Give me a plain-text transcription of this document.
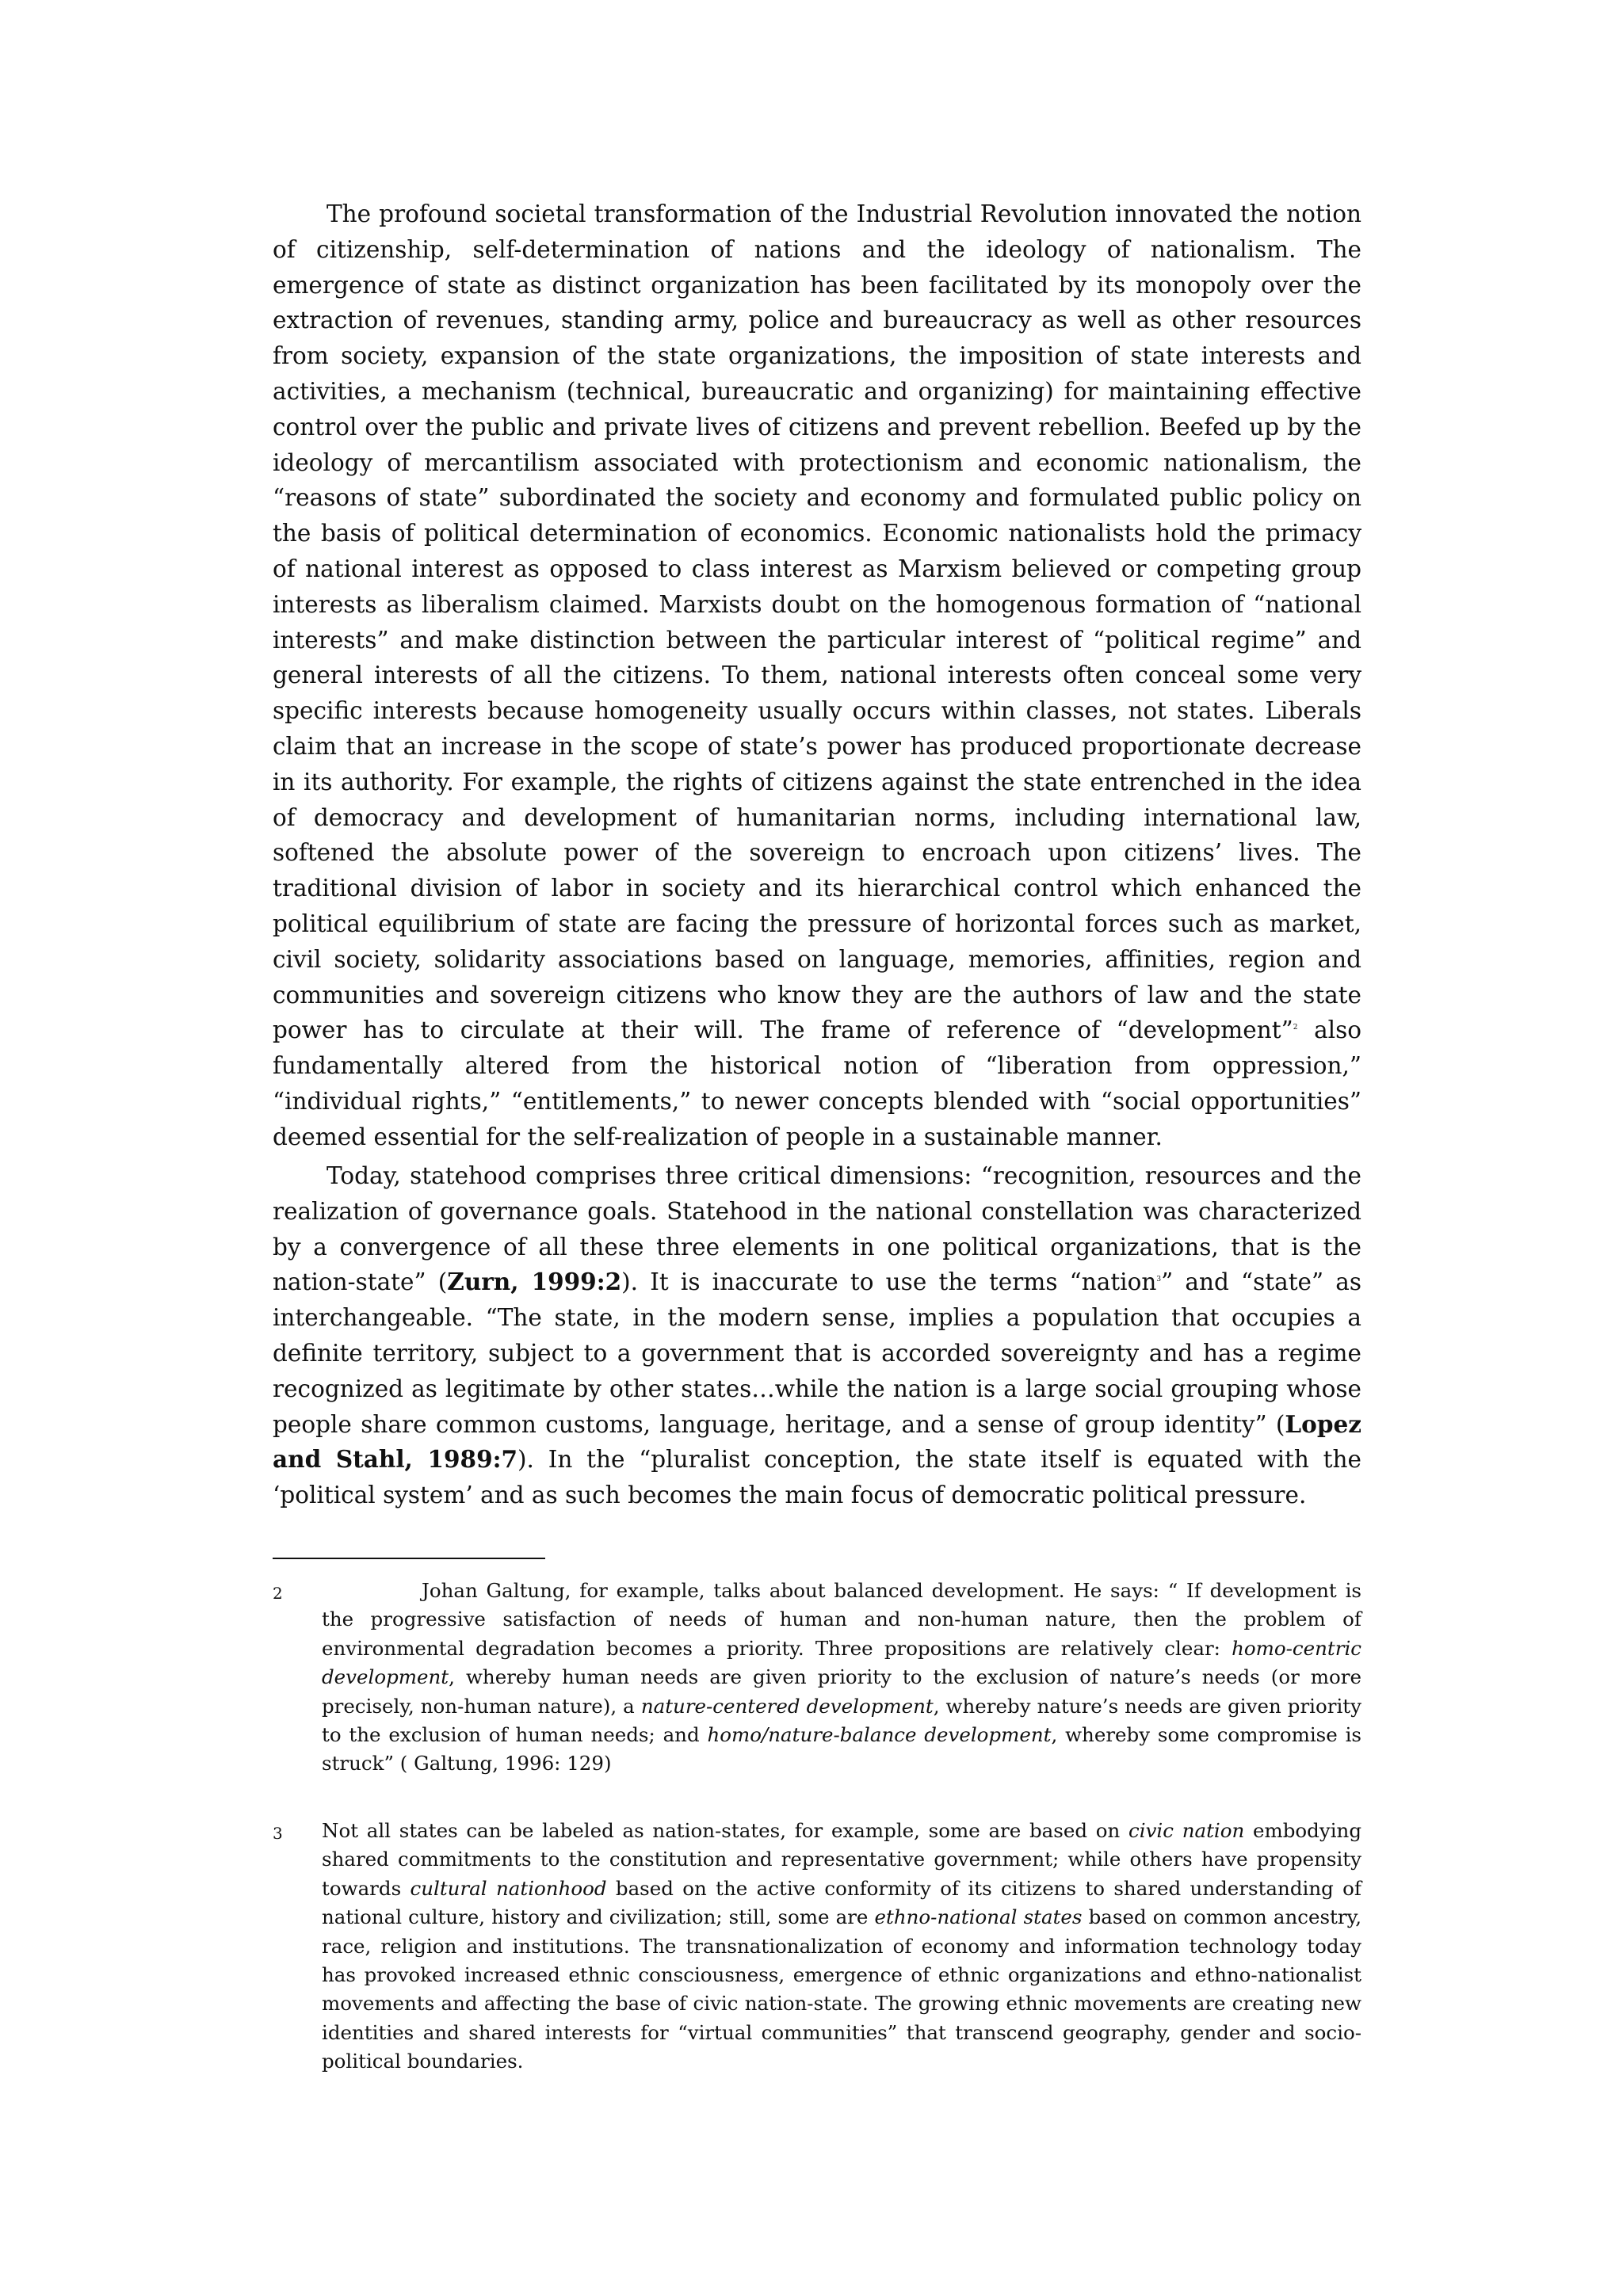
The profound societal transformation of the Industrial Revolution innovated the notion of citizenship, self-determination of nations and the ideology of nationalism. The emergence of state as distinct organization has been facilitated by its monopoly over the extraction of revenues, standing army, police and bureaucracy as well as other resources from society, expansion of the state organizations, the imposition of state interests and activities, a mechanism (technical, bureaucratic and organizing) for maintaining effective control over the public and private lives of citizens and prevent rebellion. Beefed up by the ideology of mercantilism associated with protectionism and economic nationalism, the “reasons of state” subordinated the society and economy and formulated public policy on the basis of political determination of economics. Economic nationalists hold the primacy of national interest as opposed to class interest as Marxism believed or competing group interests as liberalism claimed. Marxists doubt on the homogenous formation of “national interests” and make distinction between the particular interest of “political regime” and general interests of all the citizens. To them, national interests often conceal some very specific interests because homogeneity usually occurs within classes, not states. Liberals claim that an increase in the scope of state’s power has produced proportionate decrease in its authority. For example, the rights of citizens against the state entrenched in the idea of democracy and development of humanitarian norms, including international law, softened the absolute power of the sovereign to encroach upon citizens’ lives. The traditional division of labor in society and its hierarchical control which enhanced the political equilibrium of state are facing the pressure of horizontal forces such as market, civil society, solidarity associations based on language, memories, affinities, region and communities and sovereign citizens who know they are the authors of law and the state power has to circulate at their will. The frame of reference of “development”$^2$ also fundamentally altered from the historical notion of “liberation from oppression,” “individual rights,” “entitlements,” to newer concepts blended with “social opportunities” deemed essential for the self-realization of people in a sustainable manner.

Today, statehood comprises three critical dimensions: “recognition, resources and the realization of governance goals. Statehood in the national constellation was characterized by a convergence of all these three elements in one political organizations, that is the nation-state” (Zurn, 1999:2). It is inaccurate to use the terms “nation$^3$” and “state” as interchangeable. “The state, in the modern sense, implies a population that occupies a definite territory, subject to a government that is accorded sovereignty and has a regime recognized as legitimate by other states…while the nation is a large social grouping whose people share common customs, language, heritage, and a sense of group identity” (Lopez and Stahl, 1989:7). In the “pluralist conception, the state itself is equated with the ‘political system’ and as such becomes the main focus of democratic political pressure.

2	Johan Galtung, for example, talks about balanced development. He says: “ If development is the progressive satisfaction of needs of human and non-human nature, then the problem of environmental degradation becomes a priority. Three propositions are relatively clear: homo-centric development, whereby human needs are given priority to the exclusion of nature’s needs (or more precisely, non-human nature), a nature-centered development, whereby nature’s needs are given priority to the exclusion of human needs; and homo/nature-balance development, whereby some compromise is struck” ( Galtung, 1996: 129)
3 Not all states can be labeled as nation-states, for example, some are based on civic nation embodying shared commitments to the constitution and representative government; while others have propensity towards cultural nationhood based on the active conformity of its citizens to shared understanding of national culture, history and civilization; still, some are ethno-national states based on common ancestry, race, religion and institutions. The transnationalization of economy and information technology today has provoked increased ethnic consciousness, emergence of ethnic organizations and ethno-nationalist movements and affecting the base of civic nation-state. The growing ethnic movements are creating new identities and shared interests for “virtual communities” that transcend geography, gender and socio-political boundaries.
